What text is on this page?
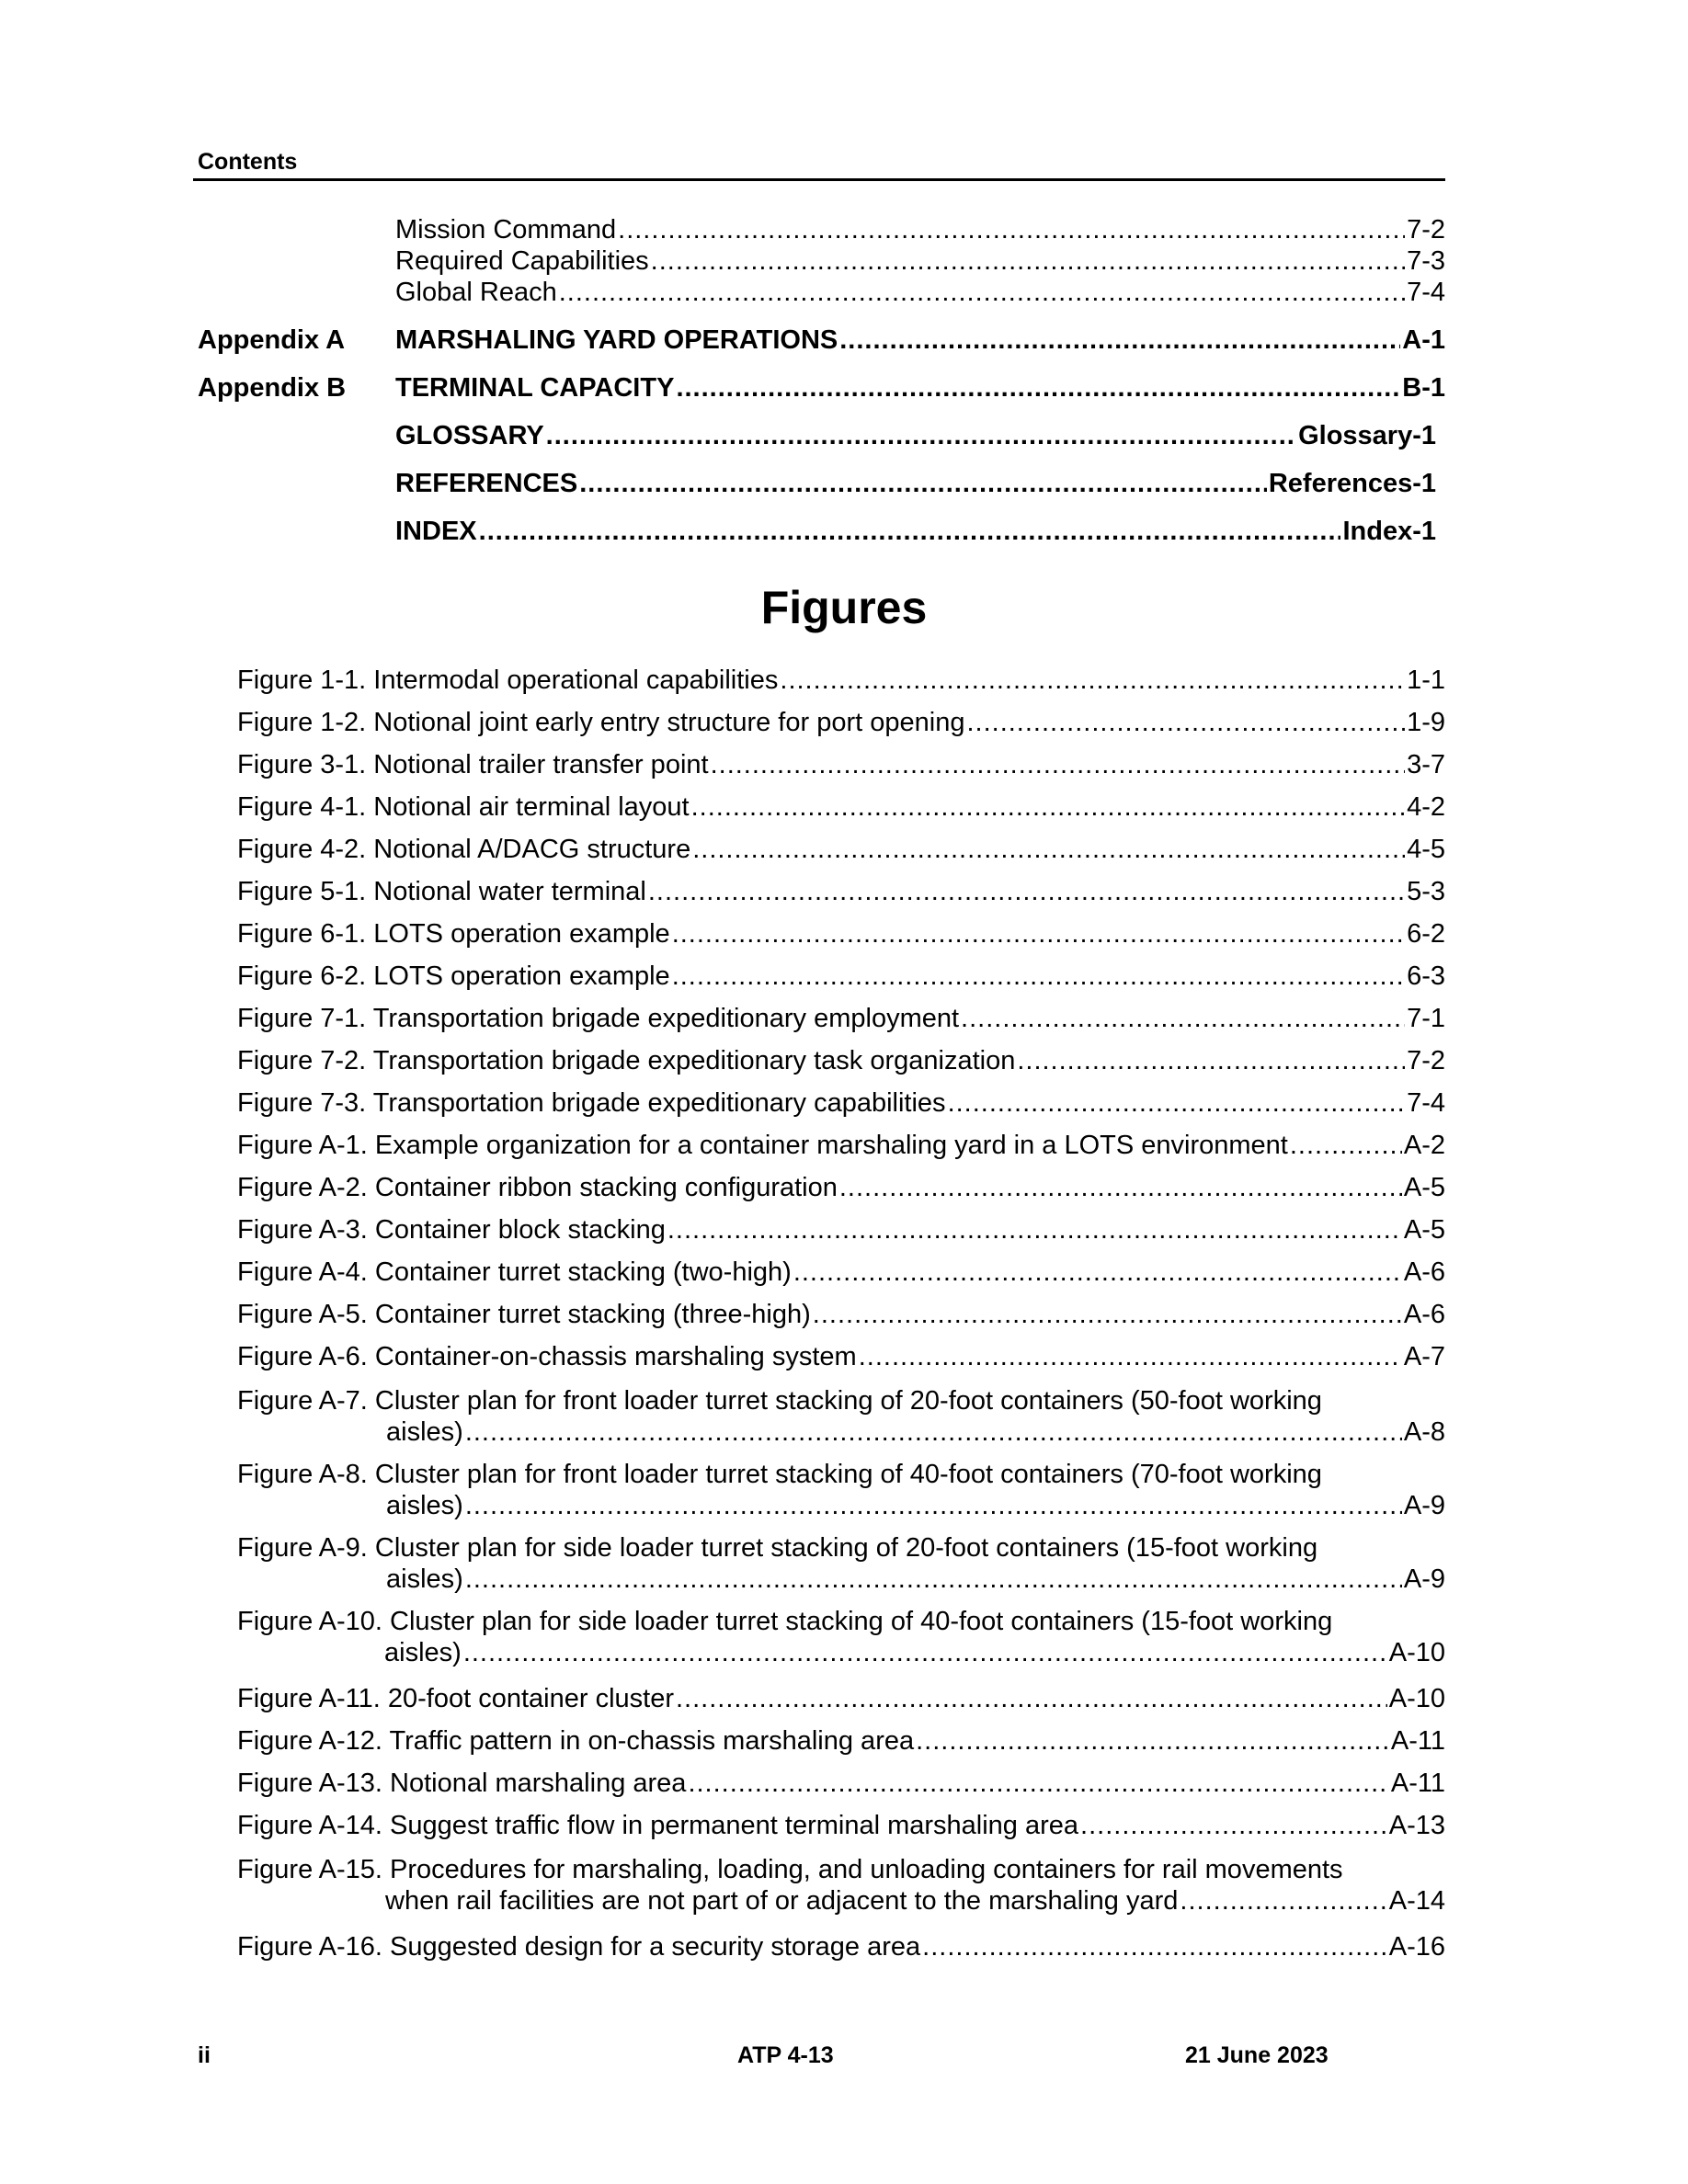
Contents
Mission Command .....	7-2
Required Capabilities .....	7-3
Global Reach .....	7-4
Appendix A	MARSHALING YARD OPERATIONS .....	A-1
Appendix B	TERMINAL CAPACITY .....	B-1
GLOSSARY .....	Glossary-1
REFERENCES .....	References-1
INDEX .....	Index-1
Figures
Figure 1-1. Intermodal operational capabilities .....	1-1
Figure 1-2. Notional joint early entry structure for port opening .....	1-9
Figure 3-1. Notional trailer transfer point .....	3-7
Figure 4-1. Notional air terminal layout .....	4-2
Figure 4-2. Notional A/DACG structure .....	4-5
Figure 5-1. Notional water terminal .....	5-3
Figure 6-1. LOTS operation example .....	6-2
Figure 6-2. LOTS operation example .....	6-3
Figure 7-1. Transportation brigade expeditionary employment .....	7-1
Figure 7-2. Transportation brigade expeditionary task organization .....	7-2
Figure 7-3. Transportation brigade expeditionary capabilities .....	7-4
Figure A-1. Example organization for a container marshaling yard in a LOTS environment .....	A-2
Figure A-2. Container ribbon stacking configuration .....	A-5
Figure A-3. Container block stacking .....	A-5
Figure A-4. Container turret stacking (two-high) .....	A-6
Figure A-5. Container turret stacking (three-high) .....	A-6
Figure A-6. Container-on-chassis marshaling system .....	A-7
Figure A-7. Cluster plan for front loader turret stacking of 20-foot containers (50-foot working
aisles) .....	A-8
Figure A-8. Cluster plan for front loader turret stacking of 40-foot containers (70-foot working
aisles) .....	A-9
Figure A-9. Cluster plan for side loader turret stacking of 20-foot containers (15-foot working
aisles) .....	A-9
Figure A-10. Cluster plan for side loader turret stacking of 40-foot containers (15-foot working
aisles) .....	A-10
Figure A-11. 20-foot container cluster .....	A-10
Figure A-12. Traffic pattern in on-chassis marshaling area .....	A-11
Figure A-13. Notional marshaling area .....	A-11
Figure A-14. Suggest traffic flow in permanent terminal marshaling area .....	A-13
Figure A-15. Procedures for marshaling, loading, and unloading containers for rail movements
when rail facilities are not part of or adjacent to the marshaling yard .....	A-14
Figure A-16. Suggested design for a security storage area .....	A-16
ii	ATP 4-13	21 June 2023
